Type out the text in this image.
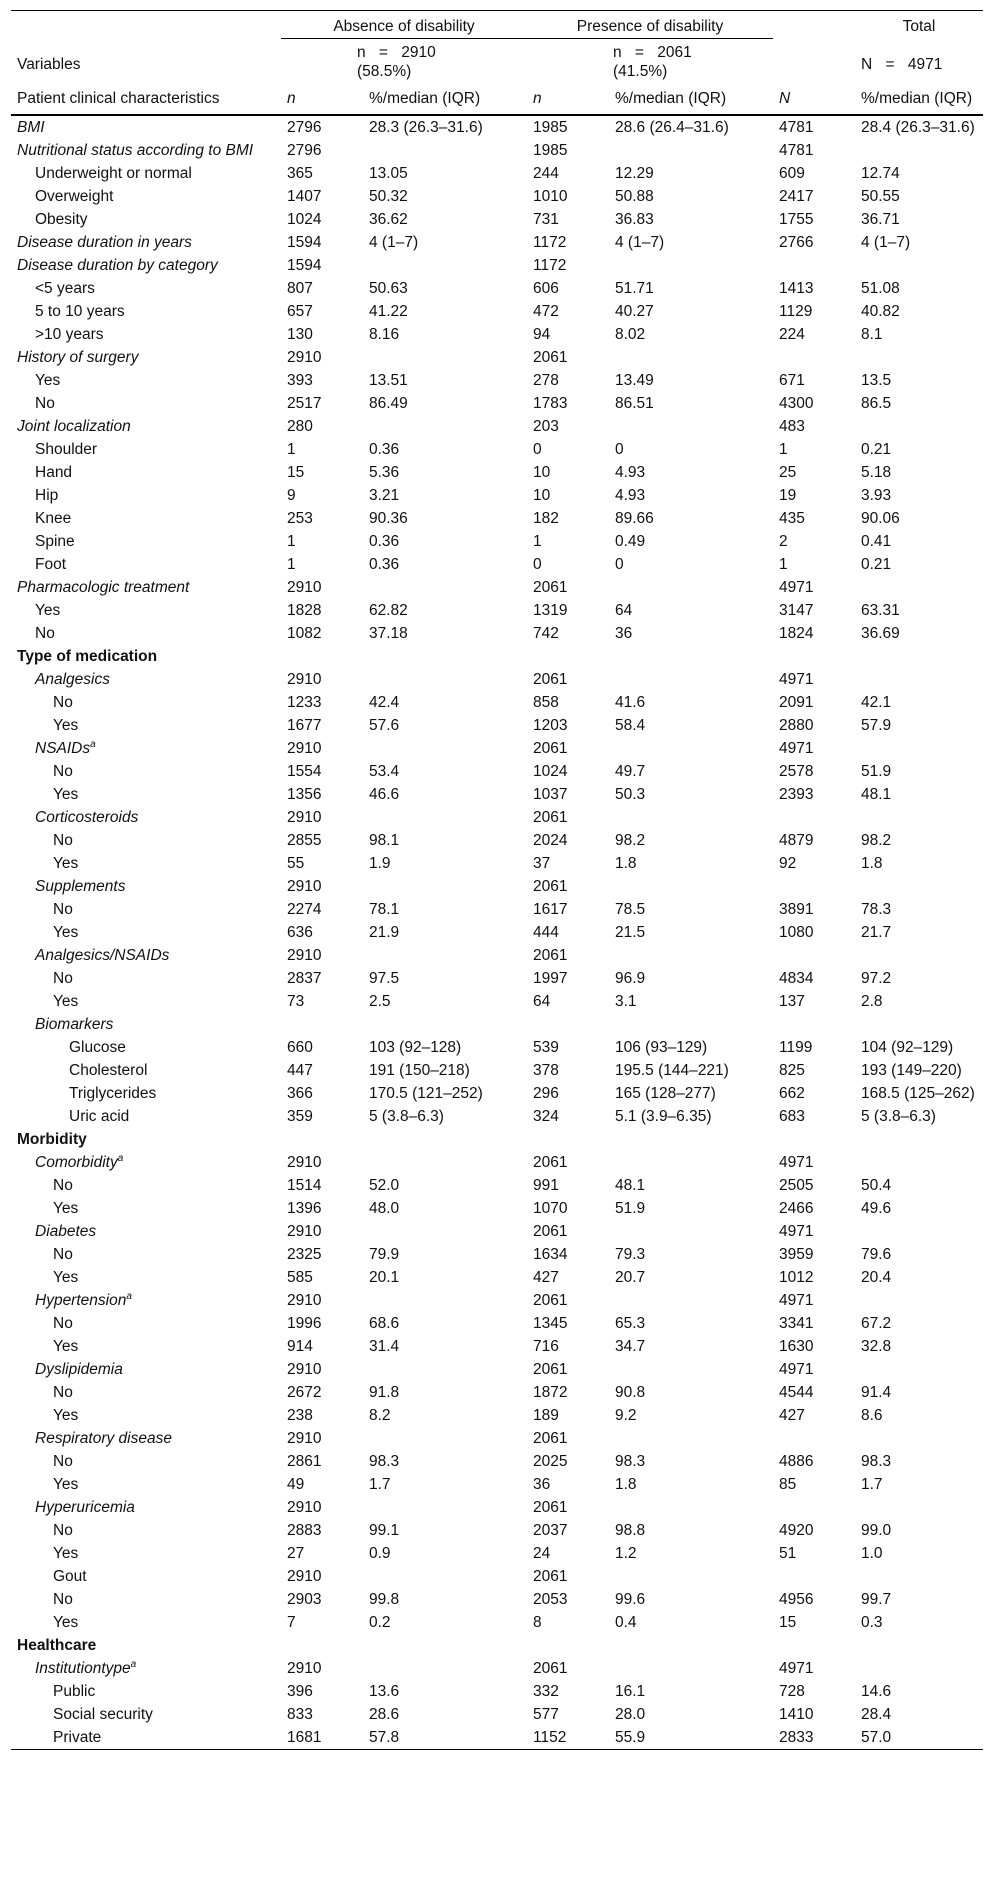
	Absence of disability		Presence of disability			Total
Variables	n = 2910 (58.5%)		n = 2061 (41.5%)			N = 4971
Patient clinical characteristics	n	%/median (IQR)	n	%/median (IQR)	N	%/median (IQR)
BMI	2796	28.3 (26.3–31.6)	1985	28.6 (26.4–31.6)	4781	28.4 (26.3–31.6)
Nutritional status according to BMI	2796		1985		4781	
Underweight or normal	365	13.05	244	12.29	609	12.74
Overweight	1407	50.32	1010	50.88	2417	50.55
Obesity	1024	36.62	731	36.83	1755	36.71
Disease duration in years	1594	4 (1–7)	1172	4 (1–7)	2766	4 (1–7)
Disease duration by category	1594		1172			
<5 years	807	50.63	606	51.71	1413	51.08
5 to 10 years	657	41.22	472	40.27	1129	40.82
>10 years	130	8.16	94	8.02	224	8.1
History of surgery	2910		2061			
Yes	393	13.51	278	13.49	671	13.5
No	2517	86.49	1783	86.51	4300	86.5
Joint localization	280		203		483	
Shoulder	1	0.36	0	0	1	0.21
Hand	15	5.36	10	4.93	25	5.18
Hip	9	3.21	10	4.93	19	3.93
Knee	253	90.36	182	89.66	435	90.06
Spine	1	0.36	1	0.49	2	0.41
Foot	1	0.36	0	0	1	0.21
Pharmacologic treatment	2910		2061		4971	
Yes	1828	62.82	1319	64	3147	63.31
No	1082	37.18	742	36	1824	36.69
Type of medication						
Analgesics	2910		2061		4971	
No	1233	42.4	858	41.6	2091	42.1
Yes	1677	57.6	1203	58.4	2880	57.9
NSAIDs$^a$	2910		2061		4971	
No	1554	53.4	1024	49.7	2578	51.9
Yes	1356	46.6	1037	50.3	2393	48.1
Corticosteroids	2910		2061			
No	2855	98.1	2024	98.2	4879	98.2
Yes	55	1.9	37	1.8	92	1.8
Supplements	2910		2061			
No	2274	78.1	1617	78.5	3891	78.3
Yes	636	21.9	444	21.5	1080	21.7
Analgesics/NSAIDs	2910		2061			
No	2837	97.5	1997	96.9	4834	97.2
Yes	73	2.5	64	3.1	137	2.8
Biomarkers						
Glucose	660	103 (92–128)	539	106 (93–129)	1199	104 (92–129)
Cholesterol	447	191 (150–218)	378	195.5 (144–221)	825	193 (149–220)
Triglycerides	366	170.5 (121–252)	296	165 (128–277)	662	168.5 (125–262)
Uric acid	359	5 (3.8–6.3)	324	5.1 (3.9–6.35)	683	5 (3.8–6.3)
Morbidity						
Comorbidity$^a$	2910		2061		4971	
No	1514	52.0	991	48.1	2505	50.4
Yes	1396	48.0	1070	51.9	2466	49.6
Diabetes	2910		2061		4971	
No	2325	79.9	1634	79.3	3959	79.6
Yes	585	20.1	427	20.7	1012	20.4
Hypertension$^a$	2910		2061		4971	
No	1996	68.6	1345	65.3	3341	67.2
Yes	914	31.4	716	34.7	1630	32.8
Dyslipidemia	2910		2061		4971	
No	2672	91.8	1872	90.8	4544	91.4
Yes	238	8.2	189	9.2	427	8.6
Respiratory disease	2910		2061			
No	2861	98.3	2025	98.3	4886	98.3
Yes	49	1.7	36	1.8	85	1.7
Hyperuricemia	2910		2061			
No	2883	99.1	2037	98.8	4920	99.0
Yes	27	0.9	24	1.2	51	1.0
Gout	2910		2061			
No	2903	99.8	2053	99.6	4956	99.7
Yes	7	0.2	8	0.4	15	0.3
Healthcare						
Institutiontype$^a$	2910		2061		4971	
Public	396	13.6	332	16.1	728	14.6
Social security	833	28.6	577	28.0	1410	28.4
Private	1681	57.8	1152	55.9	2833	57.0
